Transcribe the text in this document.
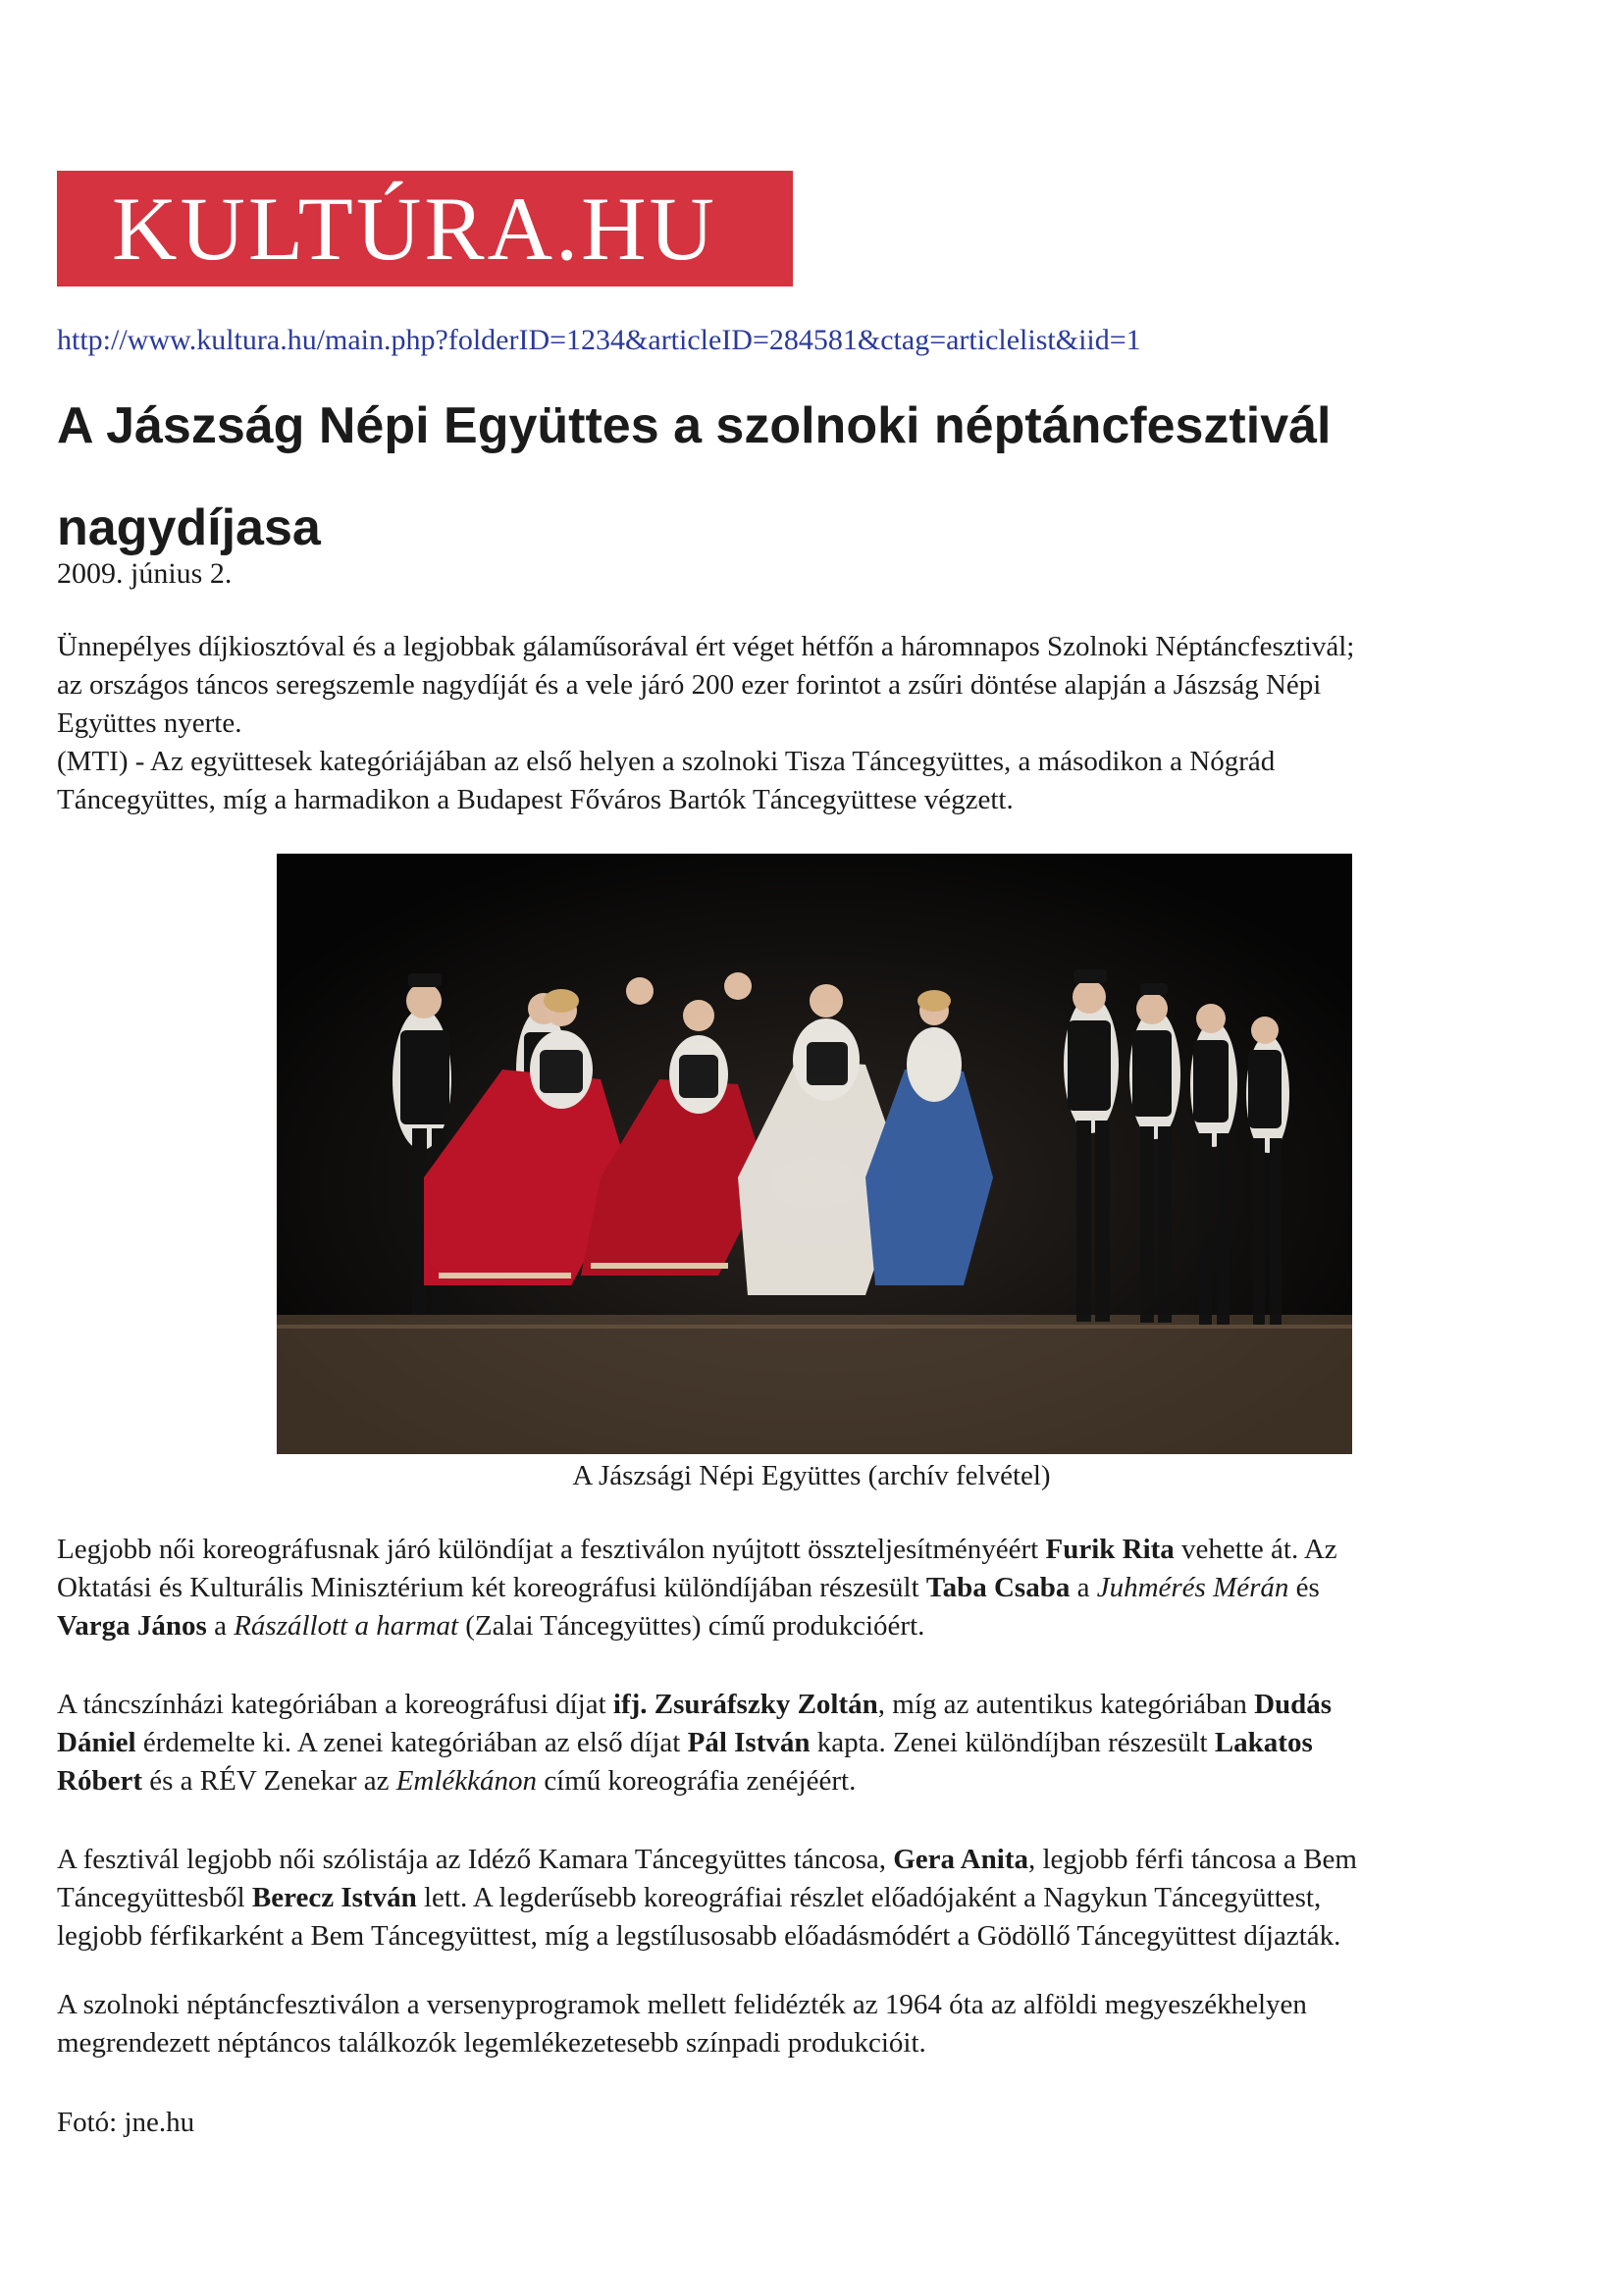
KULTÚRA.HU
http://www.kultura.hu/main.php?folderID=1234&articleID=284581&ctag=articlelist&iid=1
A Jászság Népi Együttes a szolnoki néptáncfesztivál
nagydíjasa
2009. június 2.

Ünnepélyes díjkiosztóval és a legjobbak gálaműsorával ért véget hétfőn a háromnapos Szolnoki Néptáncfesztivál;
az országos táncos seregszemle nagydíját és a vele járó 200 ezer forintot a zsűri döntése alapján a Jászság Népi
Együttes nyerte.
(MTI) - Az együttesek kategóriájában az első helyen a szolnoki Tisza Táncegyüttes, a másodikon a Nógrád
Táncegyüttes, míg a harmadikon a Budapest Főváros Bartók Táncegyüttese végzett.

A Jászsági Népi Együttes (archív felvétel)

Legjobb női koreográfusnak járó különdíjat a fesztiválon nyújtott összteljesítményéért Furik Rita vehette át. Az
Oktatási és Kulturális Minisztérium két koreográfusi különdíjában részesült Taba Csaba a Juhmérés Mérán és
Varga János a Rászállott a harmat (Zalai Táncegyüttes) című produkcióért.

A táncszínházi kategóriában a koreográfusi díjat ifj. Zsuráfszky Zoltán, míg az autentikus kategóriában Dudás
Dániel érdemelte ki. A zenei kategóriában az első díjat Pál István kapta. Zenei különdíjban részesült Lakatos
Róbert és a RÉV Zenekar az Emlékkánon című koreográfia zenéjéért.

A fesztivál legjobb női szólistája az Idéző Kamara Táncegyüttes táncosa, Gera Anita, legjobb férfi táncosa a Bem
Táncegyüttesből Berecz István lett. A legderűsebb koreográfiai részlet előadójaként a Nagykun Táncegyüttest,
legjobb férfikarként a Bem Táncegyüttest, míg a legstílusosabb előadásmódért a Gödöllő Táncegyüttest díjazták.

A szolnoki néptáncfesztiválon a versenyprogramok mellett felidézték az 1964 óta az alföldi megyeszékhelyen
megrendezett néptáncos találkozók legemlékezetesebb színpadi produkcióit.

Fotó: jne.hu
